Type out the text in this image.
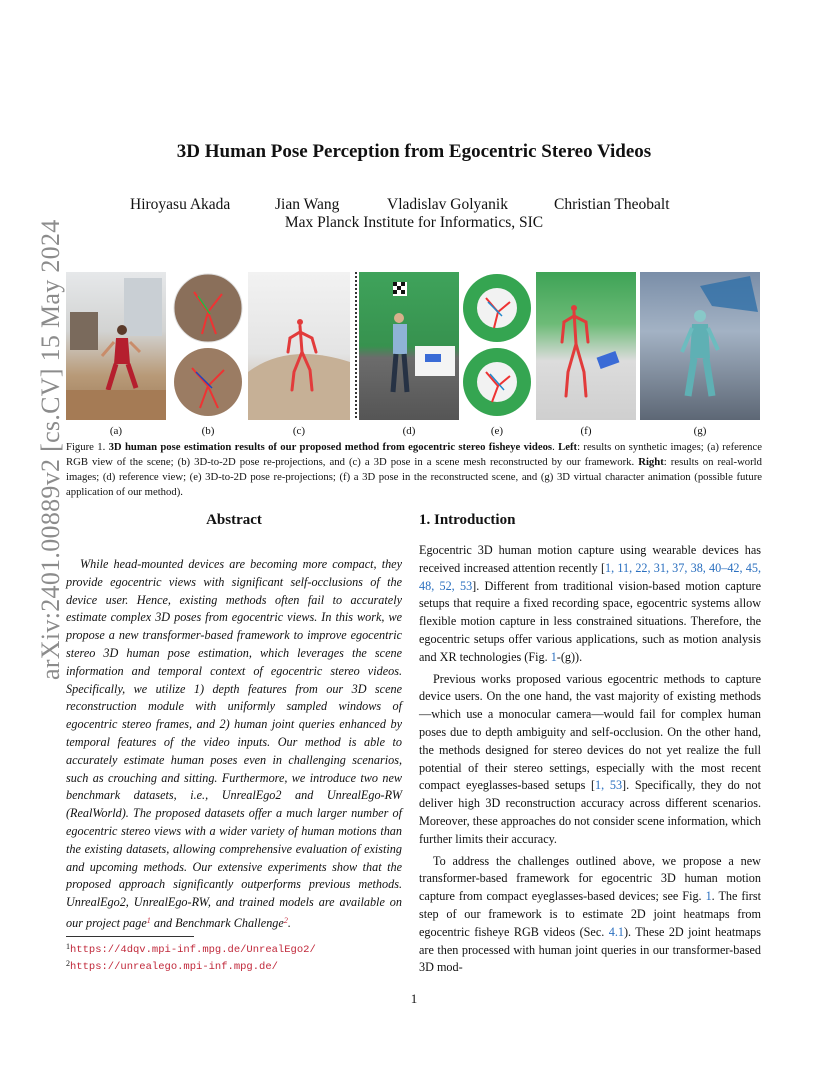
arXiv:2401.00889v2 [cs.CV] 15 May 2024
3D Human Pose Perception from Egocentric Stereo Videos
Hiroyasu Akada	Jian Wang	Vladislav Golyanik	Christian Theobalt
Max Planck Institute for Informatics, SIC
(a)	(b)	(c)	(d)	(e)	(f)	(g)
Figure 1. 3D human pose estimation results of our proposed method from egocentric stereo fisheye videos. Left: results on synthetic images; (a) reference RGB view of the scene; (b) 3D-to-2D pose re-projections, and (c) a 3D pose in a scene mesh reconstructed by our framework. Right: results on real-world images; (d) reference view; (e) 3D-to-2D pose re-projections; (f) a 3D pose in the reconstructed scene, and (g) 3D virtual character animation (possible future application of our method).
Abstract
While head-mounted devices are becoming more compact, they provide egocentric views with significant self-occlusions of the device user. Hence, existing methods often fail to accurately estimate complex 3D poses from egocentric views. In this work, we propose a new transformer-based framework to improve egocentric stereo 3D human pose estimation, which leverages the scene information and temporal context of egocentric stereo videos. Specifically, we utilize 1) depth features from our 3D scene reconstruction module with uniformly sampled windows of egocentric stereo frames, and 2) human joint queries enhanced by temporal features of the video inputs. Our method is able to accurately estimate human poses even in challenging scenarios, such as crouching and sitting. Furthermore, we introduce two new benchmark datasets, i.e., UnrealEgo2 and UnrealEgo-RW (RealWorld). The proposed datasets offer a much larger number of egocentric stereo views with a wider variety of human motions than the existing datasets, allowing comprehensive evaluation of existing and upcoming methods. Our extensive experiments show that the proposed approach significantly outperforms previous methods. UnrealEgo2, UnrealEgo-RW, and trained models are available on our project page$^1$ and Benchmark Challenge$^2$.
$^1$https://4dqv.mpi-inf.mpg.de/UnrealEgo2/
$^2$https://unrealego.mpi-inf.mpg.de/
1. Introduction

Egocentric 3D human motion capture using wearable devices has received increased attention recently [1, 11, 22, 31, 37, 38, 40–42, 45, 48, 52, 53]. Different from traditional vision-based motion capture setups that require a fixed recording space, egocentric systems allow flexible motion capture in less constrained situations. Therefore, the egocentric setups offer various applications, such as motion analysis and XR technologies (Fig. 1-(g)).

Previous works proposed various egocentric methods to capture device users. On the one hand, the vast majority of existing methods—which use a monocular camera—would fail for complex human poses due to depth ambiguity and self-occlusion. On the other hand, the methods designed for stereo devices do not yet realize the full potential of their stereo settings, especially with the most recent compact eyeglasses-based setups [1, 53]. Specifically, they do not deliver high 3D reconstruction accuracy across different scenarios. Moreover, these approaches do not consider scene information, which further limits their accuracy.

To address the challenges outlined above, we propose a new transformer-based framework for egocentric 3D human motion capture from compact eyeglasses-based devices; see Fig. 1. The first step of our framework is to estimate 2D joint heatmaps from egocentric fisheye RGB videos (Sec. 4.1). These 2D joint heatmaps are then processed with human joint queries in our transformer-based 3D mod-

1
